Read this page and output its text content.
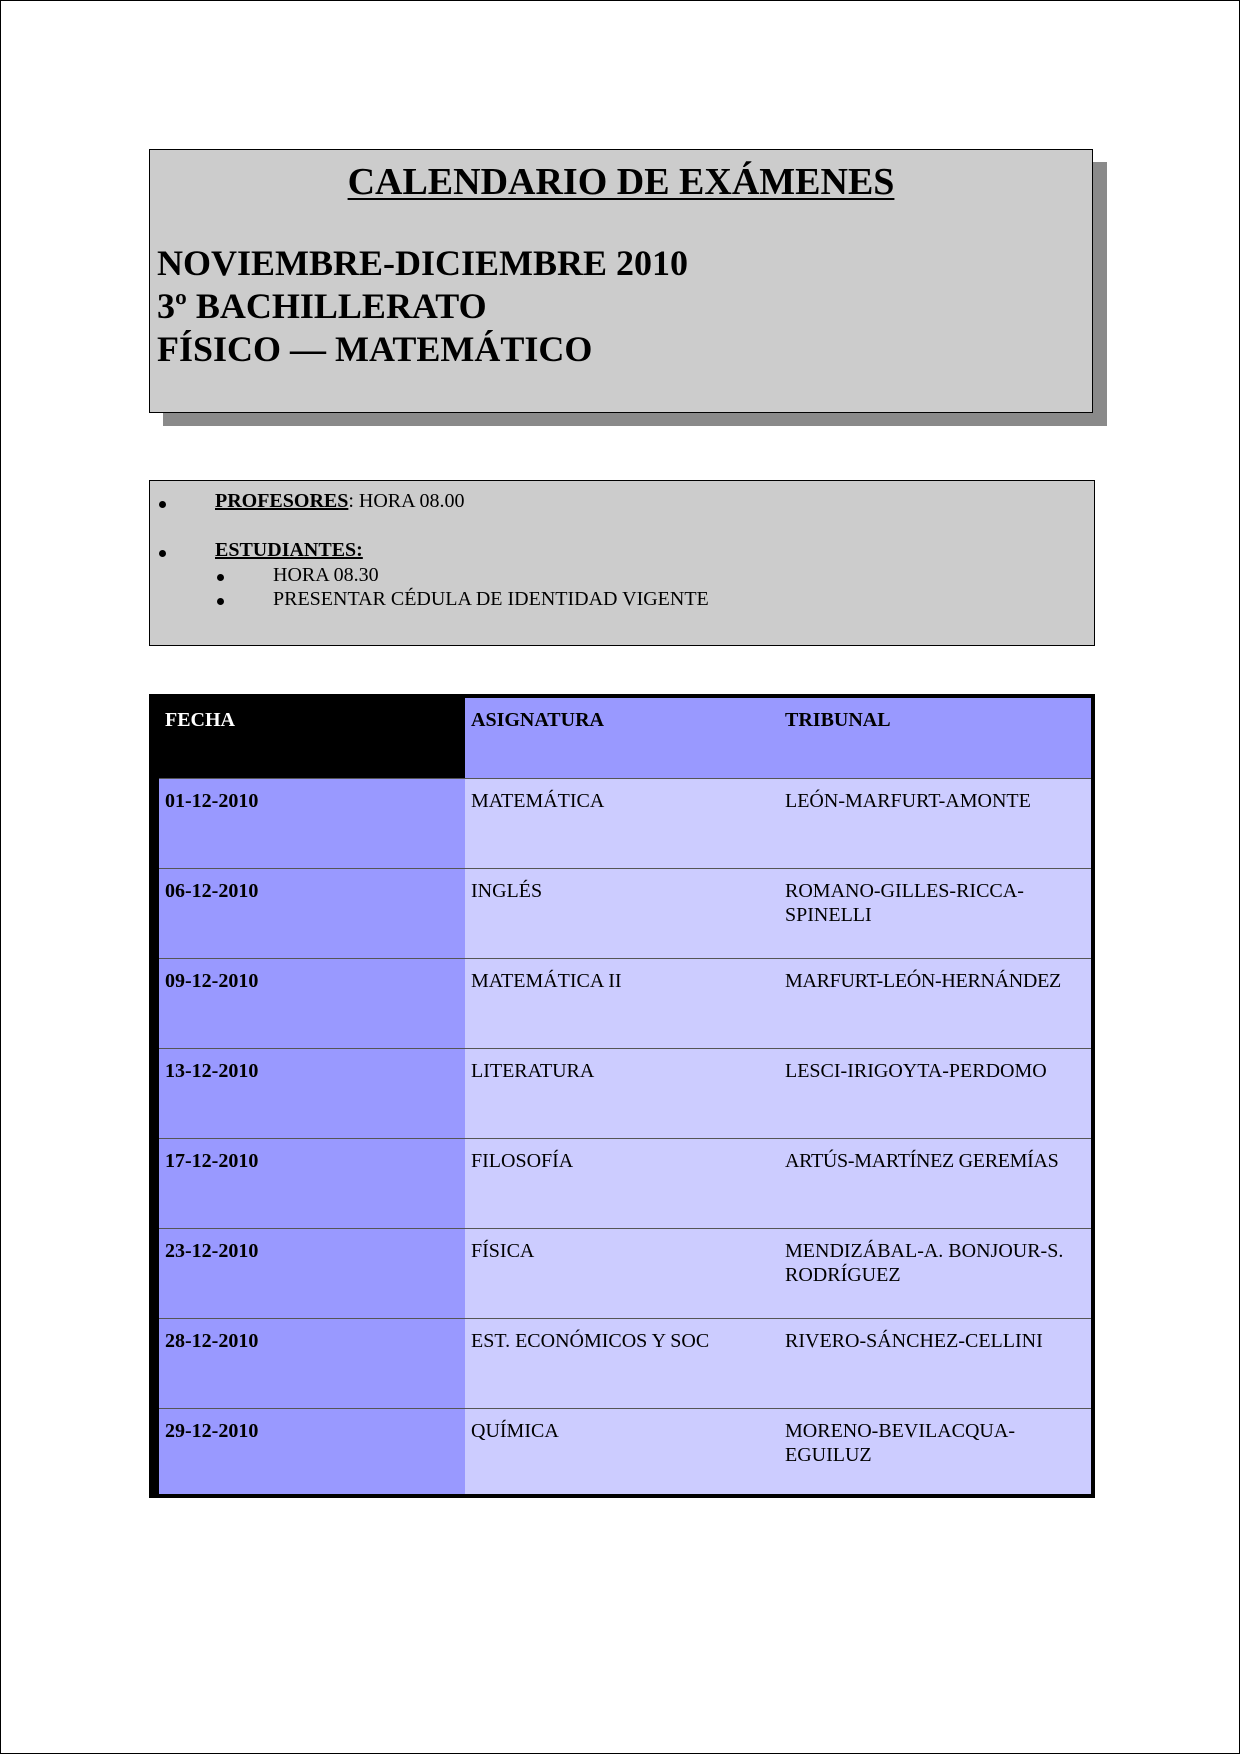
CALENDARIO DE EXÁMENES
NOVIEMBRE-DICIEMBRE 2010
3º BACHILLERATO
FÍSICO — MATEMÁTICO
PROFESORES: HORA 08.00
ESTUDIANTES:
HORA 08.30
PRESENTAR CÉDULA DE IDENTIDAD VIGENTE
FECHA	ASIGNATURA	TRIBUNAL
01-12-2010	MATEMÁTICA	LEÓN-MARFURT-AMONTE
06-12-2010	INGLÉS	ROMANO-GILLES-RICCA-SPINELLI
09-12-2010	MATEMÁTICA II	MARFURT-LEÓN-HERNÁNDEZ
13-12-2010	LITERATURA	LESCI-IRIGOYTA-PERDOMO
17-12-2010	FILOSOFÍA	ARTÚS-MARTÍNEZ GEREMÍAS
23-12-2010	FÍSICA	MENDIZÁBAL-A. BONJOUR-S. RODRÍGUEZ
28-12-2010	EST. ECONÓMICOS Y SOC	RIVERO-SÁNCHEZ-CELLINI
29-12-2010	QUÍMICA	MORENO-BEVILACQUA-EGUILUZ
